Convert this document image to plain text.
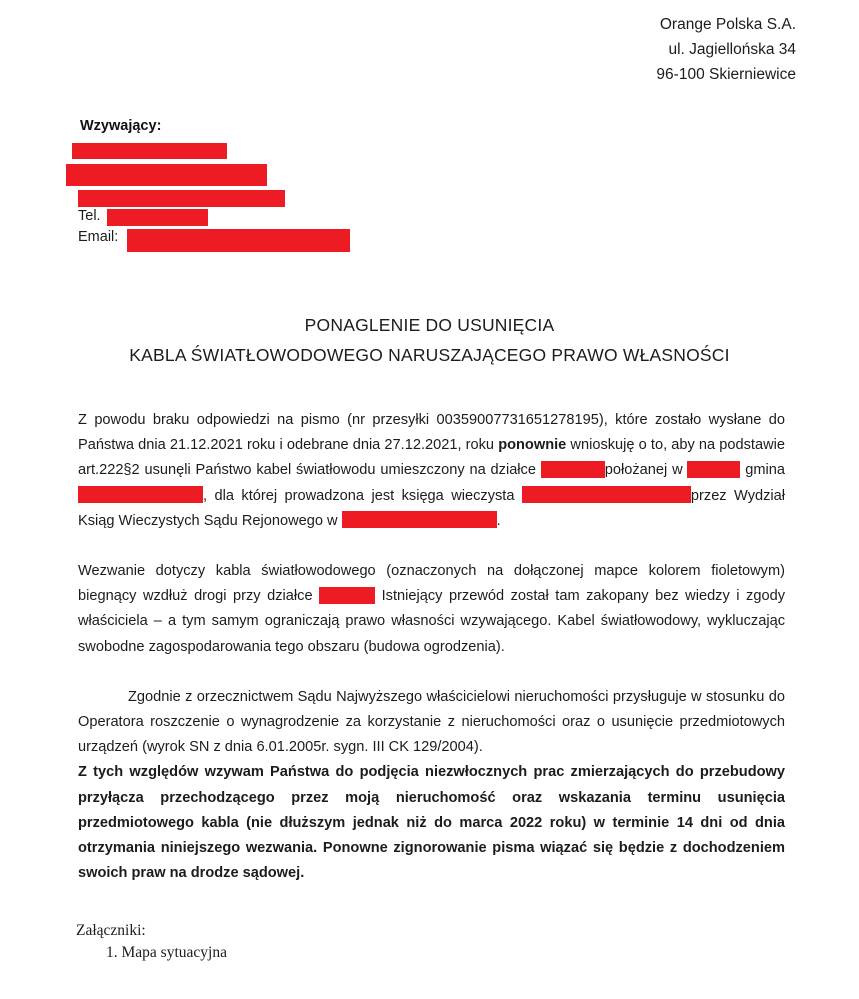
Orange Polska S.A.
ul. Jagiellońska 34
96-100 Skierniewice
Wzywający:
Tel.
Email:
PONAGLENIE DO USUNIĘCIA
KABLA ŚWIATŁOWODOWEGO NARUSZAJĄCEGO PRAWO WŁASNOŚCI

Z powodu braku odpowiedzi na pismo (nr przesyłki 00359007731651278195), które zostało wysłane do Państwa dnia 21.12.2021 roku i odebrane dnia 27.12.2021, roku ponownie wnioskuję o to, aby na podstawie art.222§2 usunęli Państwo kabel światłowodu umieszczony na działce	położanej w	gmina , dla której prowadzona jest księga wieczysta	przez Wydział Ksiąg Wieczystych Sądu Rejonowego w	.

Wezwanie dotyczy kabla światłowodowego (oznaczonych na dołączonej mapce kolorem fioletowym) biegnący wzdłuż drogi przy działce	Istniejący przewód został tam zakopany bez wiedzy i zgody właściciela – a tym samym ograniczają prawo własności wzywającego. Kabel światłowodowy, wykluczając swobodne zagospodarowania tego obszaru (budowa ogrodzenia).

Zgodnie z orzecznictwem Sądu Najwyższego właścicielowi nieruchomości przysługuje w stosunku do Operatora roszczenie o wynagrodzenie za korzystanie z nieruchomości oraz o usunięcie przedmiotowych urządzeń (wyrok SN z dnia 6.01.2005r. sygn. III CK 129/2004).

Z tych względów wzywam Państwa do podjęcia niezwłocznych prac zmierzających do przebudowy przyłącza przechodzącego przez moją nieruchomość oraz wskazania terminu usunięcia przedmiotowego kabla (nie dłuższym jednak niż do marca 2022 roku) w terminie 14 dni od dnia otrzymania niniejszego wezwania. Ponowne zignorowanie pisma wiązać się będzie z dochodzeniem swoich praw na drodze sądowej.

Załączniki:
1. Mapa sytuacyjna
